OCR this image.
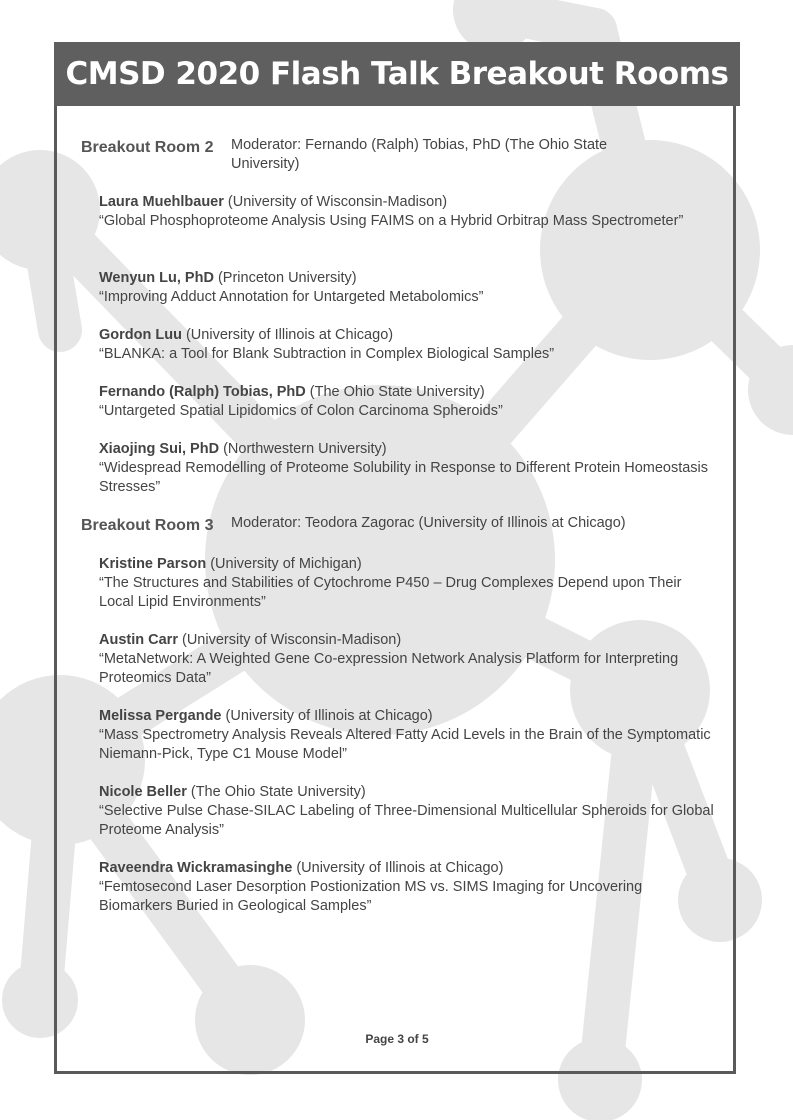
CMSD 2020 Flash Talk Breakout Rooms
Breakout Room 2	Moderator: Fernando (Ralph) Tobias, PhD (The Ohio State University)
Laura Muehlbauer (University of Wisconsin-Madison)
“Global Phosphoproteome Analysis Using FAIMS on a Hybrid Orbitrap Mass Spectrometer”
Wenyun Lu, PhD (Princeton University)
“Improving Adduct Annotation for Untargeted Metabolomics”
Gordon Luu (University of Illinois at Chicago)
“BLANKA: a Tool for Blank Subtraction in Complex Biological Samples”
Fernando (Ralph) Tobias, PhD (The Ohio State University)
“Untargeted Spatial Lipidomics of Colon Carcinoma Spheroids”
Xiaojing Sui, PhD (Northwestern University)
“Widespread Remodelling of Proteome Solubility in Response to Different Protein Homeostasis Stresses”
Breakout Room 3	Moderator: Teodora Zagorac (University of Illinois at Chicago)
Kristine Parson (University of Michigan)
“The Structures and Stabilities of Cytochrome P450 – Drug Complexes Depend upon Their Local Lipid Environments”
Austin Carr (University of Wisconsin-Madison)
“MetaNetwork: A Weighted Gene Co-expression Network Analysis Platform for Interpreting Proteomics Data”
Melissa Pergande (University of Illinois at Chicago)
“Mass Spectrometry Analysis Reveals Altered Fatty Acid Levels in the Brain of the Symptomatic Niemann-Pick, Type C1 Mouse Model”
Nicole Beller (The Ohio State University)
“Selective Pulse Chase-SILAC Labeling of Three-Dimensional Multicellular Spheroids for Global Proteome Analysis”
Raveendra Wickramasinghe (University of Illinois at Chicago)
“Femtosecond Laser Desorption Postionization MS vs. SIMS Imaging for Uncovering Biomarkers Buried in Geological Samples”
Page 3 of 5
